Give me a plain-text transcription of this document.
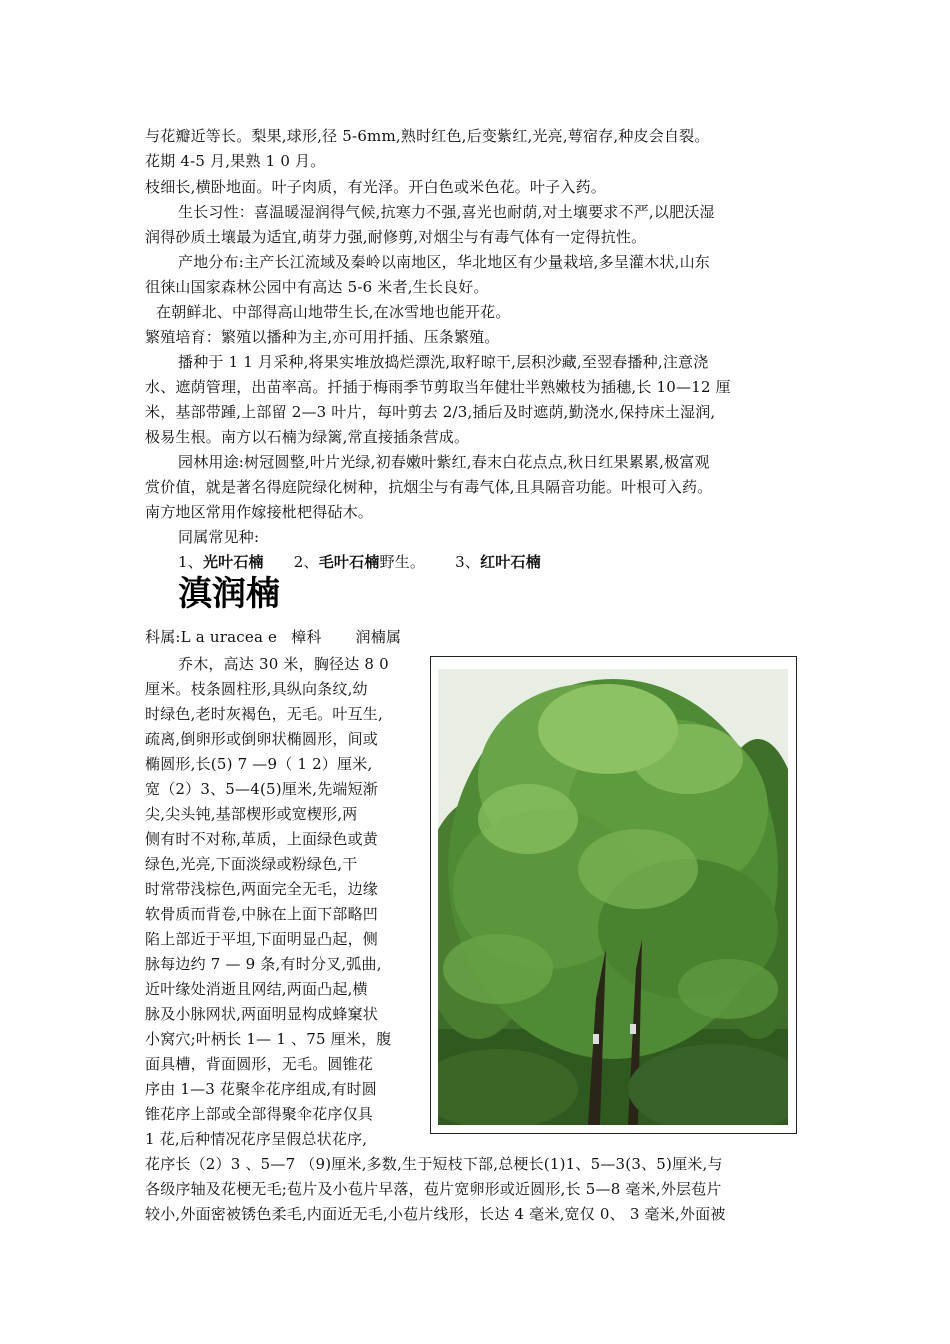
与花瓣近等长。梨果,球形,径 5-6mm,熟时红色,后变紫红,光亮,萼宿存,种皮会自裂。
花期 4-5 月,果熟 1 0 月。
枝细长,横卧地面。叶子肉质，有光泽。开白色或米色花。叶子入药。
生长习性：喜温暖湿润得气候,抗寒力不强,喜光也耐荫,对土壤要求不严,以肥沃湿
润得砂质土壤最为适宜,萌芽力强,耐修剪,对烟尘与有毒气体有一定得抗性。
产地分布:主产长江流域及秦岭以南地区，华北地区有少量栽培,多呈灌木状,山东
徂徕山国家森林公园中有高达 5-6 米者,生长良好。
在朝鲜北、中部得高山地带生长,在冰雪地也能开花。
繁殖培育：繁殖以播种为主,亦可用扦插、压条繁殖。
播种于 1 1 月采种,将果实堆放捣烂漂洗,取籽晾干,层积沙藏,至翌春播种,注意浇
水、遮荫管理，出苗率高。扦插于梅雨季节剪取当年健壮半熟嫩枝为插穗,长 10—12 厘
米，基部带踵,上部留 2—3 叶片，每叶剪去 2/3,插后及时遮荫,勤浇水,保持床土湿润,
极易生根。南方以石楠为绿篱,常直接插条营成。
园林用途:树冠圆整,叶片光绿,初春嫩叶紫红,春末白花点点,秋日红果累累,极富观
赏价值，就是著名得庭院绿化树种，抗烟尘与有毒气体,且具隔音功能。叶根可入药。
南方地区常用作嫁接枇杷得砧木。
同属常见种:
1、光叶石楠 2、毛叶石楠野生。 3、红叶石楠
滇润楠
科属:L a uracea e 樟科 润楠属
乔木，高达 30 米，胸径达 8 0
厘米。枝条圆柱形,具纵向条纹,幼
时绿色,老时灰褐色，无毛。叶互生,
疏离,倒卵形或倒卵状椭圆形，间或
椭圆形,长(5) 7 —9（ 1 2）厘米,
宽（2）3、5—4(5)厘米,先端短渐
尖,尖头钝,基部楔形或宽楔形,两
侧有时不对称,革质，上面绿色或黄
绿色,光亮,下面淡绿或粉绿色,干
时常带浅棕色,两面完全无毛，边缘
软骨质而背卷,中脉在上面下部略凹
陷上部近于平坦,下面明显凸起，侧
脉每边约 7 — 9 条,有时分叉,弧曲,
近叶缘处消逝且网结,两面凸起,横
脉及小脉网状,两面明显构成蜂窠状
小窝穴;叶柄长 1— 1 、75 厘米，腹
面具槽，背面圆形，无毛。圆锥花
序由 1—3 花聚伞花序组成,有时圆
锥花序上部或全部得聚伞花序仅具
1 花,后种情况花序呈假总状花序,
花序长（2）3 、5—7 （9)厘米,多数,生于短枝下部,总梗长(1)1、5—3(3、5)厘米,与
各级序轴及花梗无毛;苞片及小苞片早落，苞片宽卵形或近圆形,长 5—8 毫米,外层苞片
较小,外面密被锈色柔毛,内面近无毛,小苞片线形，长达 4 毫米,宽仅 0、 3 毫米,外面被
